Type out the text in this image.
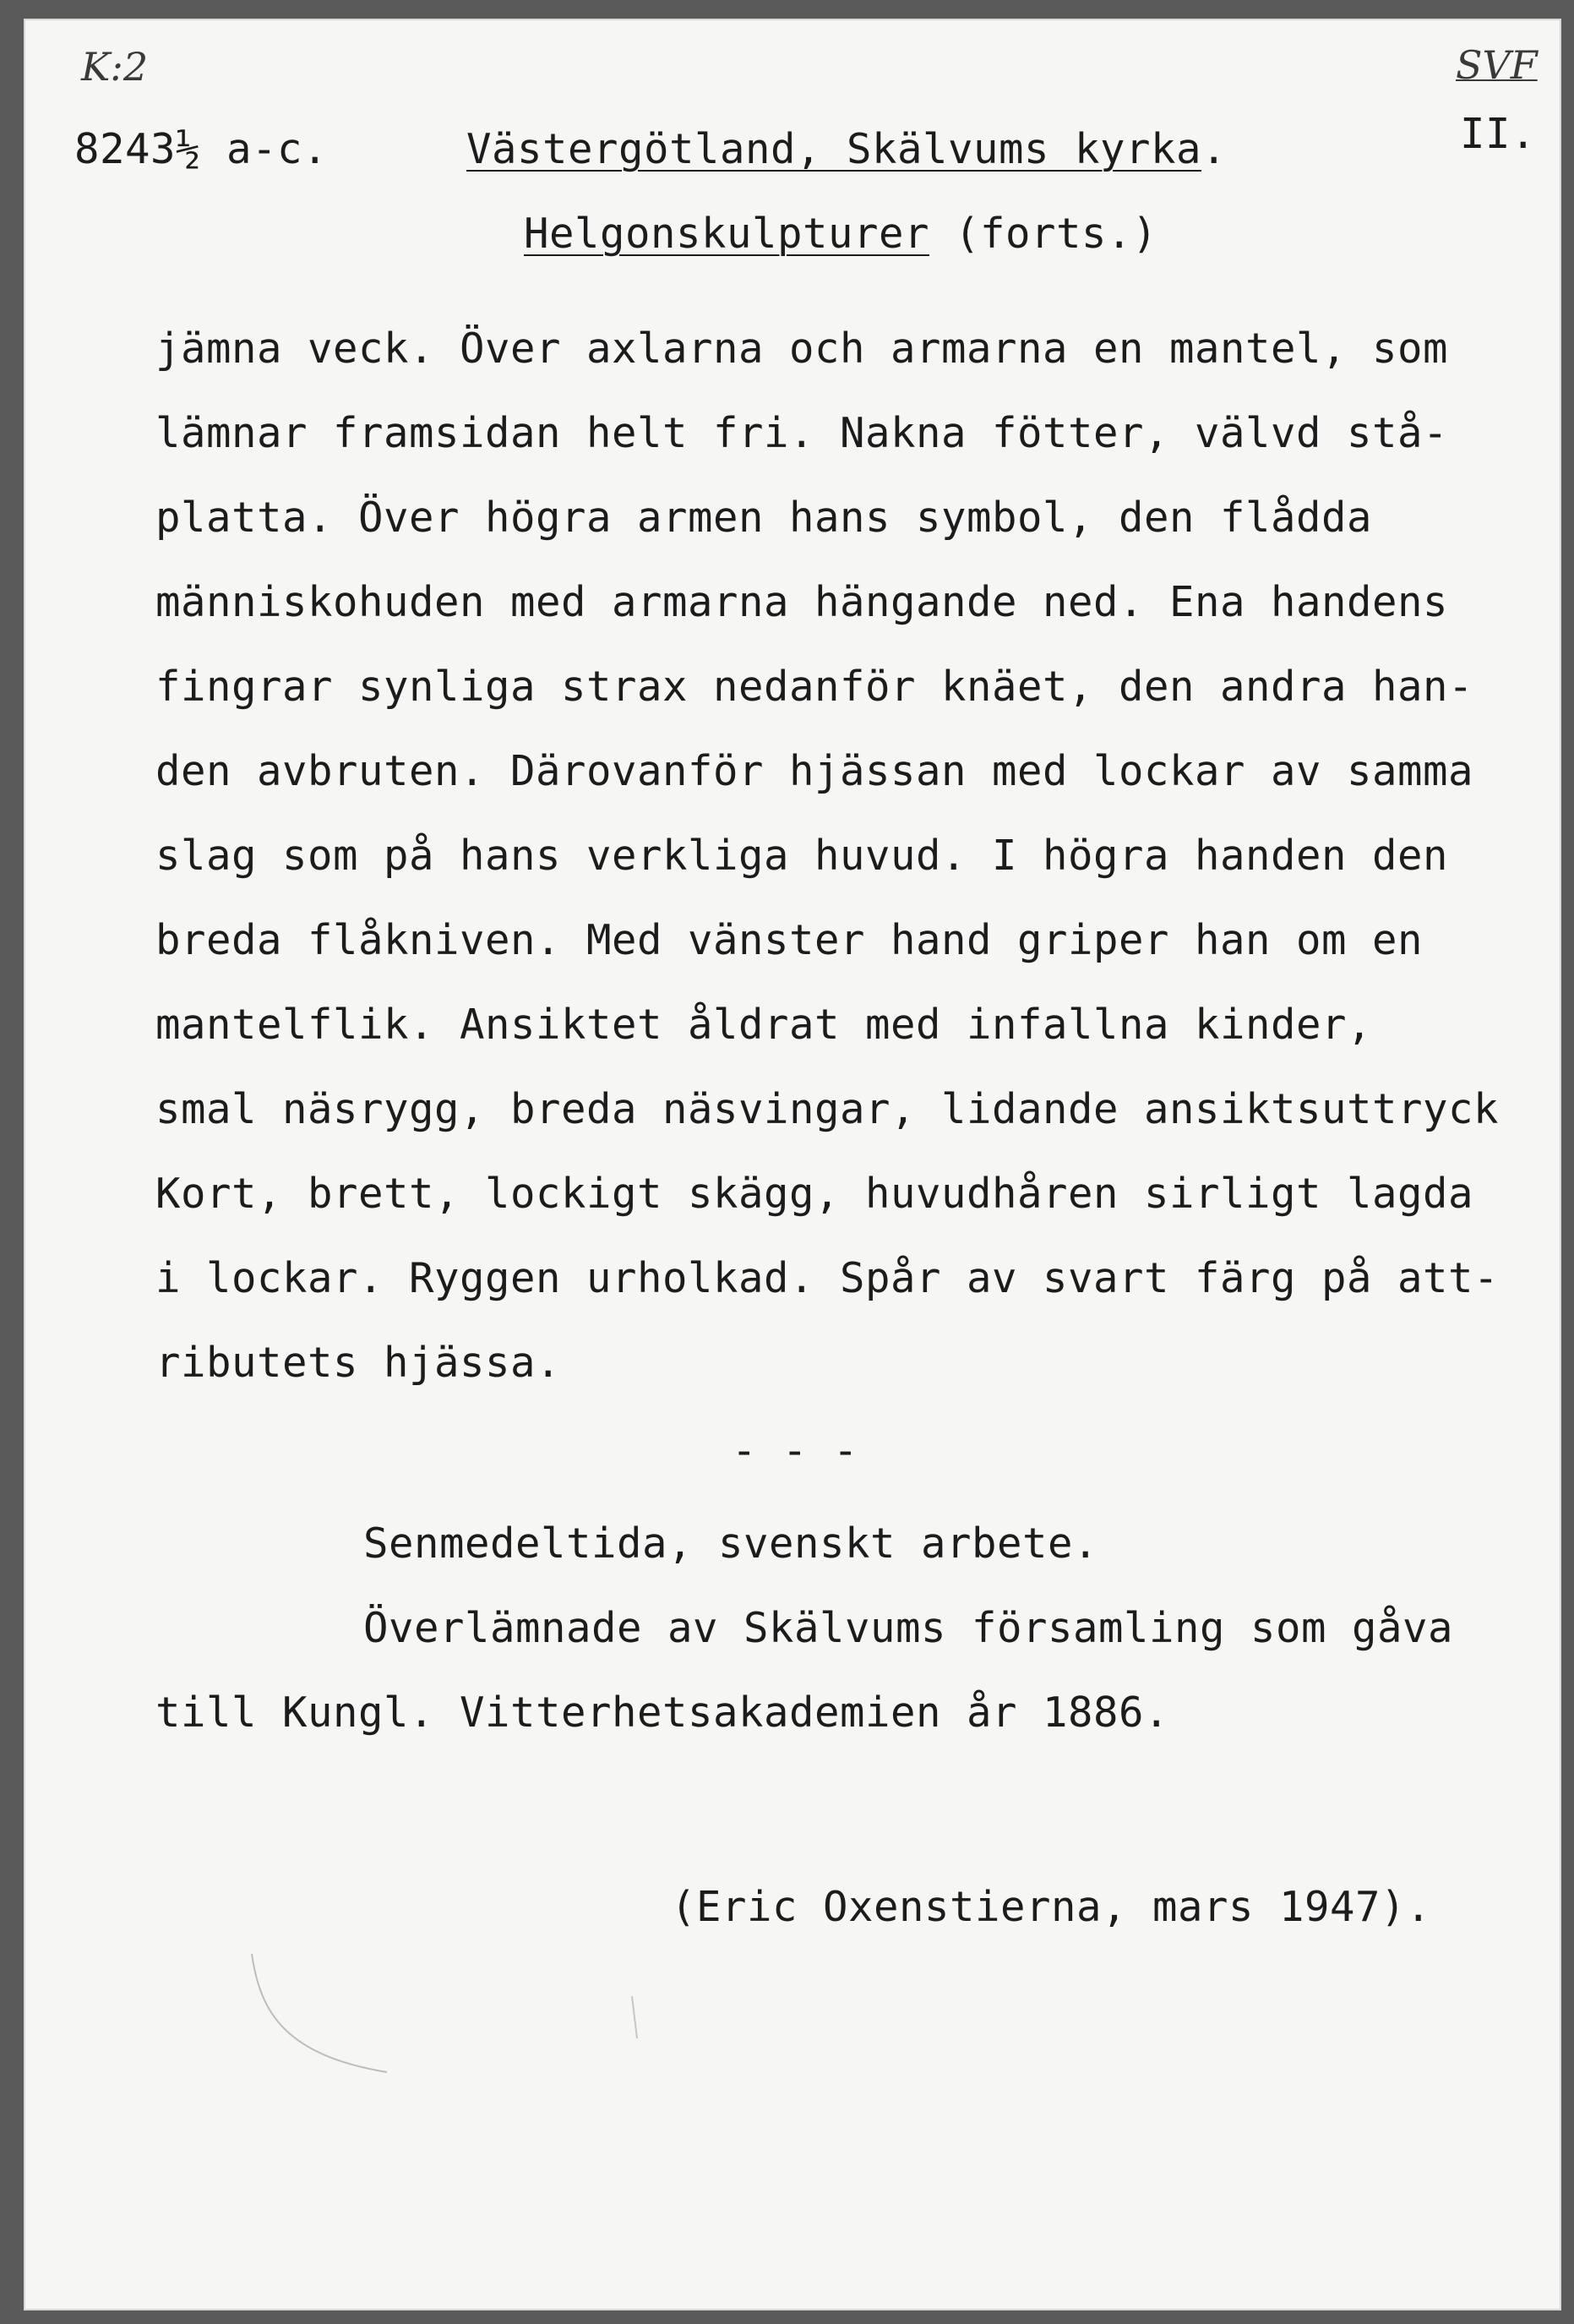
K:2	SVF
8243½ a-c.	Västergötland, Skälvums kyrka.	II.
Helgonskulpturer (forts.)
jämna veck. Över axlarna och armarna en mantel, som
lämnar framsidan helt fri. Nakna fötter, välvd stå-
platta. Över högra armen hans symbol, den flådda
människohuden med armarna hängande ned. Ena handens
fingrar synliga strax nedanför knäet, den andra han-
den avbruten. Därovanför hjässan med lockar av samma
slag som på hans verkliga huvud. I högra handen den
breda flåkniven. Med vänster hand griper han om en
mantelflik. Ansiktet åldrat med infallna kinder,
smal näsrygg, breda näsvingar, lidande ansiktsuttryck
Kort, brett, lockigt skägg, huvudhåren sirligt lagda
i lockar. Ryggen urholkad. Spår av svart färg på att-
ributets hjässa.
- - -
Senmedeltida, svenskt arbete.
Överlämnade av Skälvums församling som gåva
till Kungl. Vitterhetsakademien år 1886.
(Eric Oxenstierna, mars 1947).
